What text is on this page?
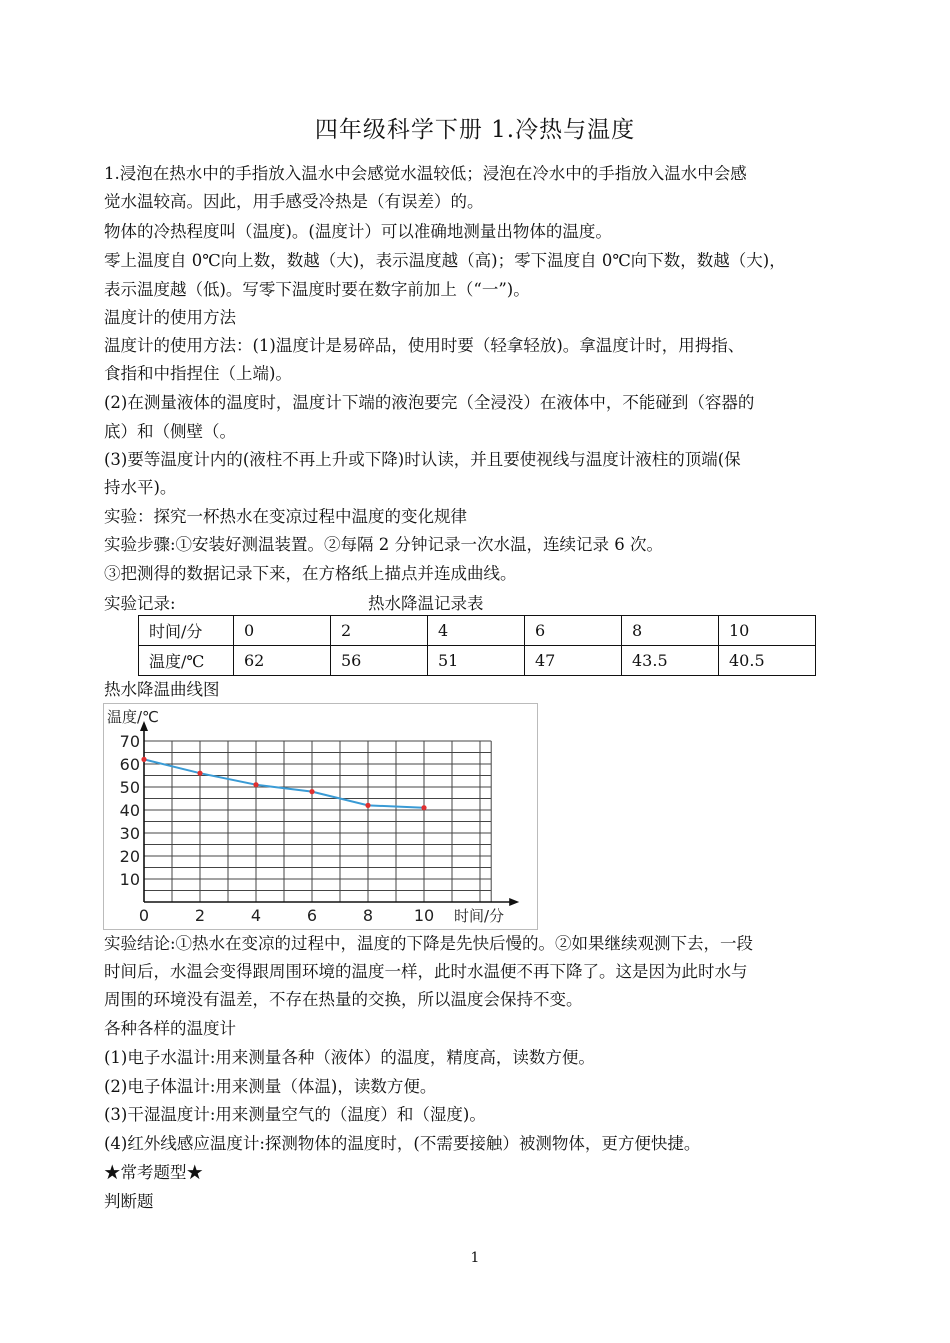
四年级科学下册 1.冷热与温度
1.浸泡在热水中的手指放入温水中会感觉水温较低；浸泡在冷水中的手指放入温水中会感
觉水温较高。因此，用手感受冷热是（有误差）的。
物体的冷热程度叫（温度)。(温度计）可以准确地测量出物体的温度。
零上温度自 0℃向上数，数越（大)，表示温度越（高)；零下温度自 0℃向下数，数越（大)，
表示温度越（低)。写零下温度时要在数字前加上（“一”)。
温度计的使用方法
温度计的使用方法：(1)温度计是易碎品，使用时要（轻拿轻放)。拿温度计时，用拇指、
食指和中指捏住（上端)。
(2)在测量液体的温度时，温度计下端的液泡要完（全浸没）在液体中，不能碰到（容器的
底）和（侧壁（。
(3)要等温度计内的(液柱不再上升或下降)时认读，并且要使视线与温度计液柱的顶端(保
持水平)。
实验：探究一杯热水在变凉过程中温度的变化规律
实验步骤:①安装好测温装置。②每隔 2 分钟记录一次水温，连续记录 6 次。
③把测得的数据记录下来，在方格纸上描点并连成曲线。
实验记录:	热水降温记录表
时间/分	0	2	4	6	8	10
温度/℃	62	56	51	47	43.5	40.5
热水降温曲线图
10
20
30
40
50
60
70
0	2	4	6	8	10
温度/℃
时间/分
实验结论:①热水在变凉的过程中，温度的下降是先快后慢的。②如果继续观测下去，一段
时间后，水温会变得跟周围环境的温度一样，此时水温便不再下降了。这是因为此时水与
周围的环境没有温差，不存在热量的交换，所以温度会保持不变。
各种各样的温度计
(1)电子水温计:用来测量各种（液体）的温度，精度高，读数方便。
(2)电子体温计:用来测量（体温)，读数方便。
(3)干湿温度计:用来测量空气的（温度）和（湿度)。
(4)红外线感应温度计:探测物体的温度时，(不需要接触）被测物体，更方便快捷。
★常考题型★
判断题
1
